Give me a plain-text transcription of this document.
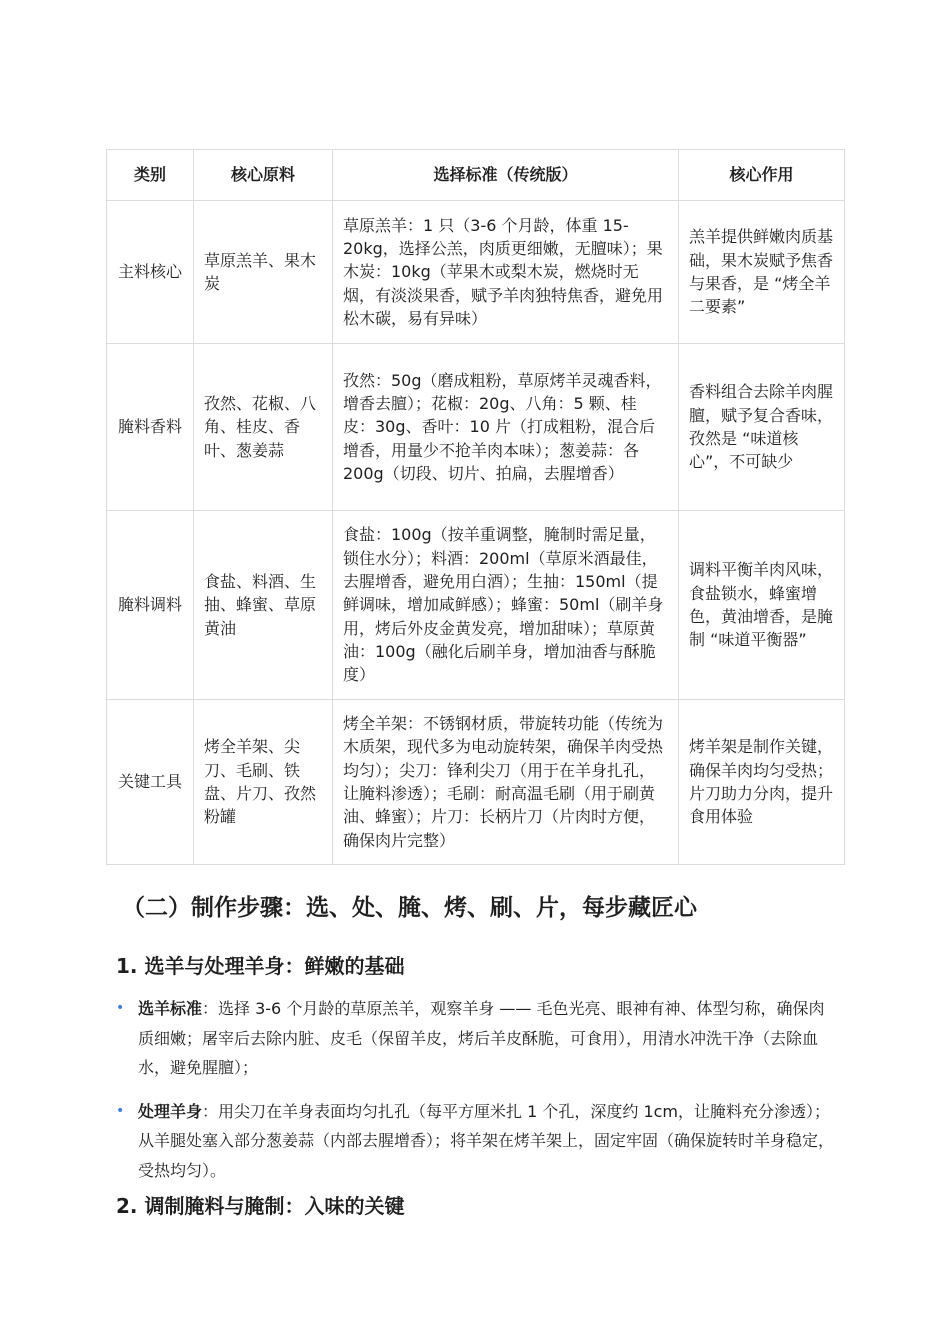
类别	核心原料	选择标准（传统版）	核心作用
主料核心	草原羔羊、果木炭	草原羔羊：1 只（3-6 个月龄，体重 15-20kg，选择公羔，肉质更细嫩，无膻味）；果木炭：10kg（苹果木或梨木炭，燃烧时无烟，有淡淡果香，赋予羊肉独特焦香，避免用松木碳，易有异味）	羔羊提供鲜嫩肉质基础，果木炭赋予焦香与果香，是 “烤全羊二要素”
腌料香料	孜然、花椒、八角、桂皮、香叶、葱姜蒜	孜然：50g（磨成粗粉，草原烤羊灵魂香料，增香去膻）；花椒：20g、八角：5 颗、桂皮：30g、香叶：10 片（打成粗粉，混合后增香，用量少不抢羊肉本味）；葱姜蒜：各 200g（切段、切片、拍扁，去腥增香）	香料组合去除羊肉腥膻，赋予复合香味，孜然是 “味道核心”，不可缺少
腌料调料	食盐、料酒、生抽、蜂蜜、草原黄油	食盐：100g（按羊重调整，腌制时需足量，锁住水分）；料酒：200ml（草原米酒最佳，去腥增香，避免用白酒）；生抽：150ml（提鲜调味，增加咸鲜感）；蜂蜜：50ml（刷羊身用，烤后外皮金黄发亮，增加甜味）；草原黄油：100g（融化后刷羊身，增加油香与酥脆度）	调料平衡羊肉风味，食盐锁水，蜂蜜增色，黄油增香，是腌制 “味道平衡器”
关键工具	烤全羊架、尖刀、毛刷、铁盘、片刀、孜然粉罐	烤全羊架：不锈钢材质，带旋转功能（传统为木质架，现代多为电动旋转架，确保羊肉受热均匀）；尖刀：锋利尖刀（用于在羊身扎孔，让腌料渗透）；毛刷：耐高温毛刷（用于刷黄油、蜂蜜）；片刀：长柄片刀（片肉时方便，确保肉片完整）	烤羊架是制作关键，确保羊肉均匀受热；片刀助力分肉，提升食用体验
（二）制作步骤：选、处、腌、烤、刷、片，每步藏匠心
1. 选羊与处理羊身：鲜嫩的基础
• 选羊标准：选择 3-6 个月龄的草原羔羊，观察羊身 —— 毛色光亮、眼神有神、体型匀称，确保肉质细嫩；屠宰后去除内脏、皮毛（保留羊皮，烤后羊皮酥脆，可食用），用清水冲洗干净（去除血水，避免腥膻）；
• 处理羊身：用尖刀在羊身表面均匀扎孔（每平方厘米扎 1 个孔，深度约 1cm，让腌料充分渗透）；从羊腿处塞入部分葱姜蒜（内部去腥增香）；将羊架在烤羊架上，固定牢固（确保旋转时羊身稳定，受热均匀）。
2. 调制腌料与腌制：入味的关键
